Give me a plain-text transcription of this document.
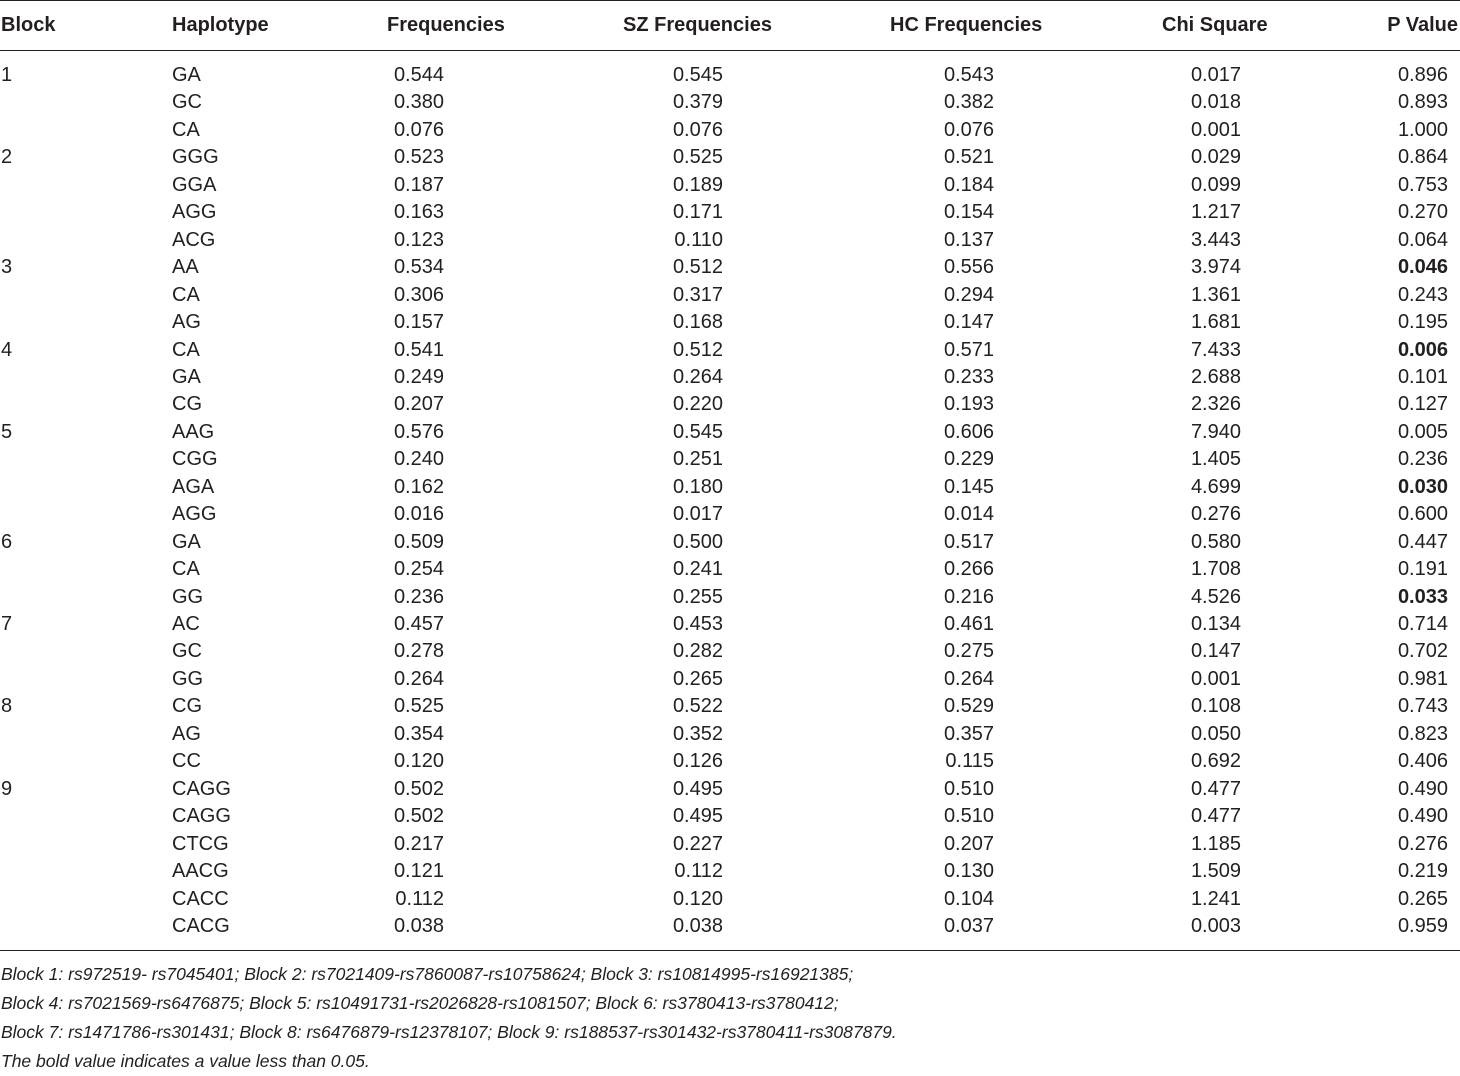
Block	Haplotype	Frequencies	SZ Frequencies	HC Frequencies	Chi Square	P Value
1	GA	0.544	0.545	0.543	0.017	0.896
GC	0.380	0.379	0.382	0.018	0.893
CA	0.076	0.076	0.076	0.001	1.000
2	GGG	0.523	0.525	0.521	0.029	0.864
GGA	0.187	0.189	0.184	0.099	0.753
AGG	0.163	0.171	0.154	1.217	0.270
ACG	0.123	0.110	0.137	3.443	0.064
3	AA	0.534	0.512	0.556	3.974	0.046
CA	0.306	0.317	0.294	1.361	0.243
AG	0.157	0.168	0.147	1.681	0.195
4	CA	0.541	0.512	0.571	7.433	0.006
GA	0.249	0.264	0.233	2.688	0.101
CG	0.207	0.220	0.193	2.326	0.127
5	AAG	0.576	0.545	0.606	7.940	0.005
CGG	0.240	0.251	0.229	1.405	0.236
AGA	0.162	0.180	0.145	4.699	0.030
AGG	0.016	0.017	0.014	0.276	0.600
6	GA	0.509	0.500	0.517	0.580	0.447
CA	0.254	0.241	0.266	1.708	0.191
GG	0.236	0.255	0.216	4.526	0.033
7	AC	0.457	0.453	0.461	0.134	0.714
GC	0.278	0.282	0.275	0.147	0.702
GG	0.264	0.265	0.264	0.001	0.981
8	CG	0.525	0.522	0.529	0.108	0.743
AG	0.354	0.352	0.357	0.050	0.823
CC	0.120	0.126	0.115	0.692	0.406
9	CAGG	0.502	0.495	0.510	0.477	0.490
CAGG	0.502	0.495	0.510	0.477	0.490
CTCG	0.217	0.227	0.207	1.185	0.276
AACG	0.121	0.112	0.130	1.509	0.219
CACC	0.112	0.120	0.104	1.241	0.265
CACG	0.038	0.038	0.037	0.003	0.959
Block 1: rs972519- rs7045401; Block 2: rs7021409-rs7860087-rs10758624; Block 3: rs10814995-rs16921385;
Block 4: rs7021569-rs6476875; Block 5: rs10491731-rs2026828-rs1081507; Block 6: rs3780413-rs3780412;
Block 7: rs1471786-rs301431; Block 8: rs6476879-rs12378107; Block 9: rs188537-rs301432-rs3780411-rs3087879.
The bold value indicates a value less than 0.05.
